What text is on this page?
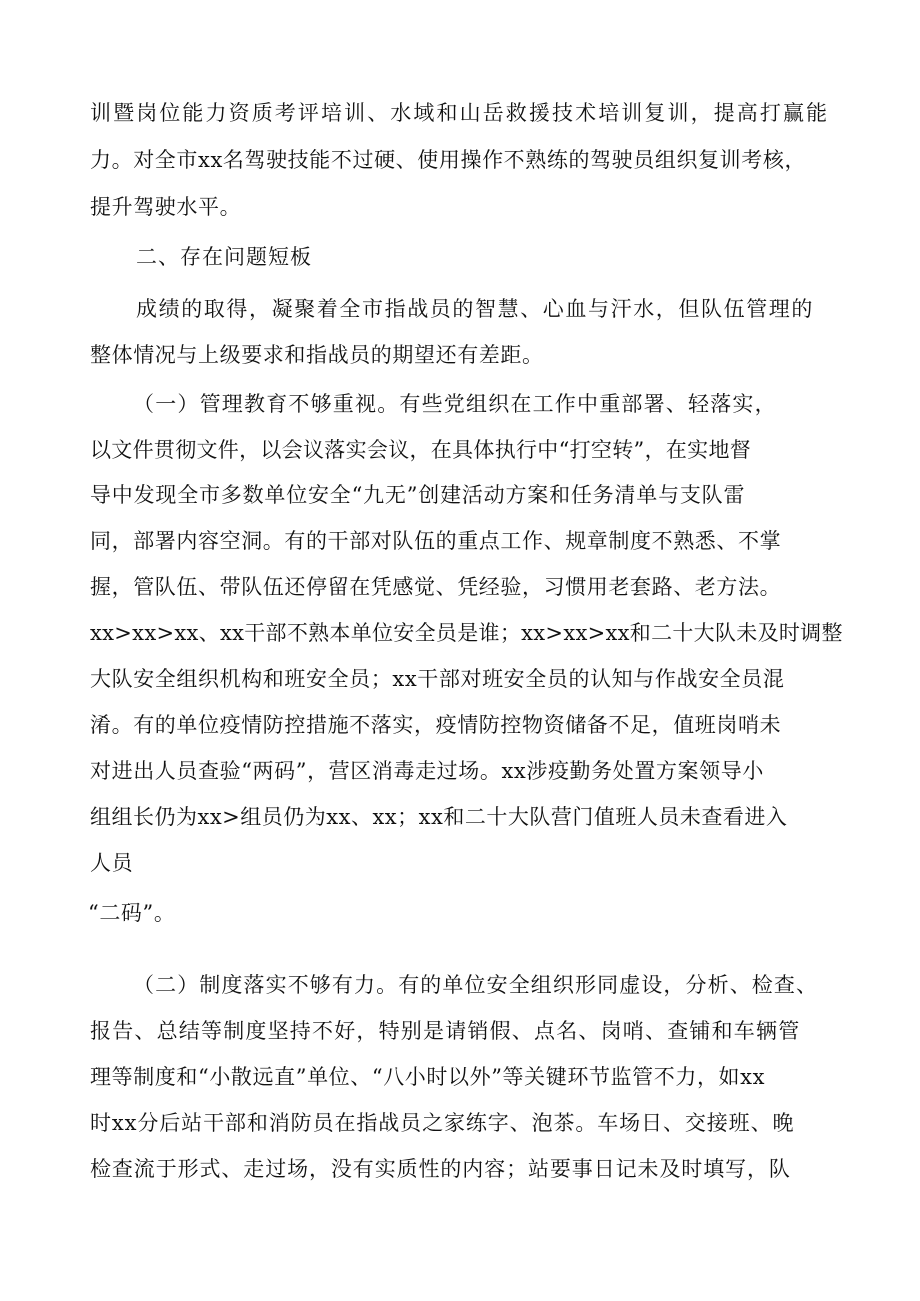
训暨岗位能力资质考评培训、水域和山岳救援技术培训复训，提高打赢能
力。对全市xx名驾驶技能不过硬、使用操作不熟练的驾驶员组织复训考核，
提升驾驶水平。
二、存在问题短板
成绩的取得，凝聚着全市指战员的智慧、心血与汗水，但队伍管理的
整体情况与上级要求和指战员的期望还有差距。
（一）管理教育不够重视。有些党组织在工作中重部署、轻落实，
以文件贯彻文件，以会议落实会议，在具体执行中“打空转”，在实地督
导中发现全市多数单位安全“九无”创建活动方案和任务清单与支队雷
同，部署内容空洞。有的干部对队伍的重点工作、规章制度不熟悉、不掌
握，管队伍、带队伍还停留在凭感觉、凭经验，习惯用老套路、老方法。
xx>xx>xx、xx干部不熟本单位安全员是谁；xx>xx>xx和二十大队未及时调整
大队安全组织机构和班安全员；xx干部对班安全员的认知与作战安全员混
淆。有的单位疫情防控措施不落实，疫情防控物资储备不足，值班岗哨未
对进出人员查验“两码”，营区消毒走过场。xx涉疫勤务处置方案领导小
组组长仍为xx>组员仍为xx、xx；xx和二十大队营门值班人员未查看进入
人员
“二码”。
（二）制度落实不够有力。有的单位安全组织形同虚设，分析、检查、
报告、总结等制度坚持不好，特别是请销假、点名、岗哨、查铺和车辆管
理等制度和“小散远直”单位、“八小时以外”等关键环节监管不力，如xx
时xx分后站干部和消防员在指战员之家练字、泡茶。车场日、交接班、晚
检查流于形式、走过场，没有实质性的内容；站要事日记未及时填写，队
